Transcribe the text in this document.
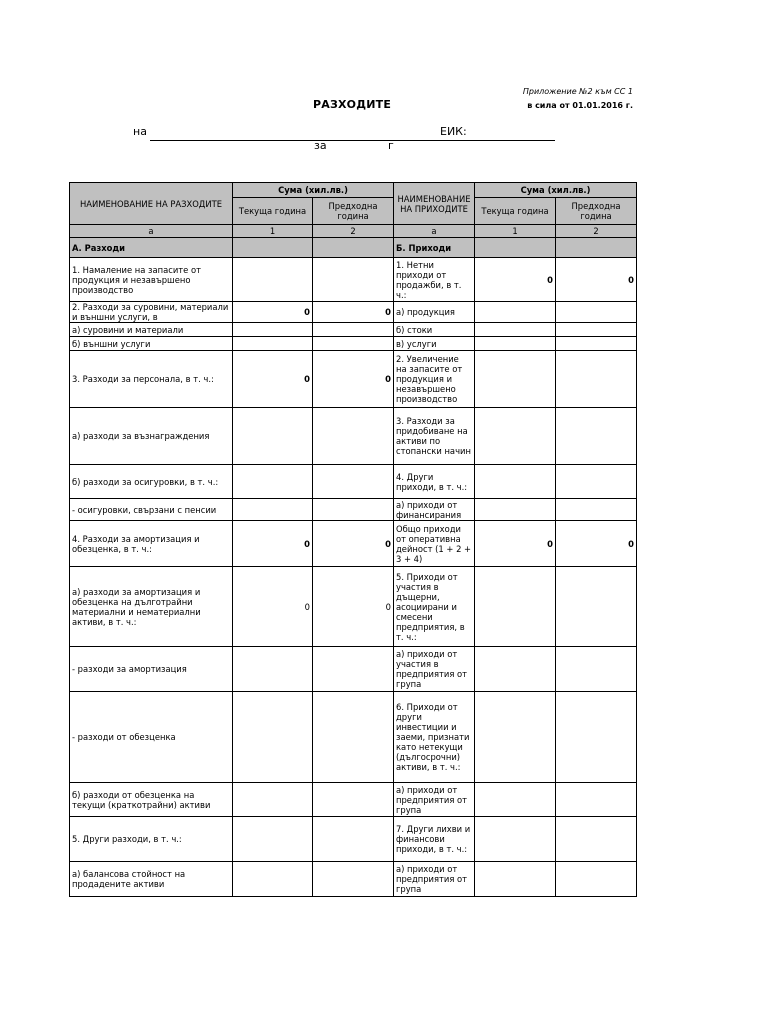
Приложение №2 към СС 1
в сила от 01.01.2016 г.
РАЗХОДИТЕ
на	ЕИК:
за	г
НАИМЕНОВАНИЕ НА РАЗХОДИТЕ	Сума (хил.лв.)		НАИМЕНОВАНИЕ НА ПРИХОДИТЕ	Сума (хил.лв.)	
	Текуща година	Предходна година		Текуща година	Предходна година
а	1	2	а	1	2
А. Разходи			Б. Приходи		
1. Намаление на запасите от продукция и незавършено производство			1. Нетни приходи от продажби, в т. ч.:	0	0
2. Разходи за суровини, материали и външни услуги, в	0	0	а) продукция		
а) суровини и материали			б) стоки		
б) външни услуги			в) услуги		
3. Разходи за персонала, в т. ч.:	0	0	2. Увеличение на запасите от продукция и незавършено производство		
а) разходи за възнаграждения			3. Разходи за придобиване на активи по стопански начин		
б) разходи за осигуровки, в т. ч.:			4. Други приходи, в т. ч.:		
- осигуровки, свързани с пенсии			а) приходи от финансирания		
4. Разходи за амортизация и обезценка, в т. ч.:	0	0	Общо приходи от оперативна дейност (1 + 2 + 3 + 4)	0	0
а) разходи за амортизация и обезценка на дълготрайни материални и нематериални активи, в т. ч.:	0	0	5. Приходи от участия в дъщерни, асоциирани и смесени предприятия, в т. ч.:		
- разходи за амортизация			а) приходи от участия в предприятия от група		
- разходи от обезценка			6. Приходи от други инвестиции и заеми, признати като нетекущи (дългосрочни) активи, в т. ч.:		
б) разходи от обезценка на текущи (краткотрайни) активи			а) приходи от предприятия от група		
5. Други разходи, в т. ч.:			7. Други лихви и финансови приходи, в т. ч.:		
а) балансова стойност на продадените активи			а) приходи от предприятия от група		
